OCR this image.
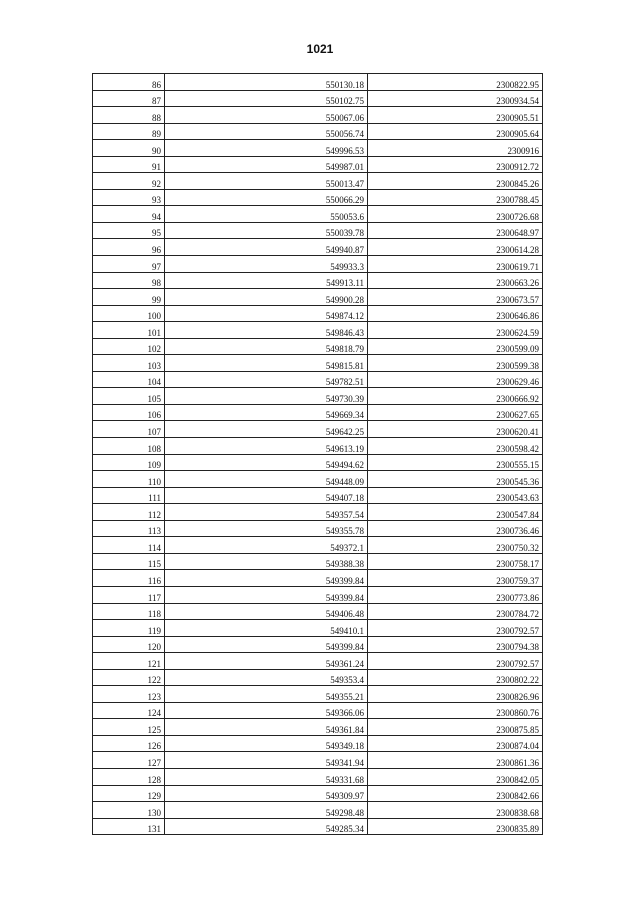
1021
86	550130.18	2300822.95
87	550102.75	2300934.54
88	550067.06	2300905.51
89	550056.74	2300905.64
90	549996.53	2300916
91	549987.01	2300912.72
92	550013.47	2300845.26
93	550066.29	2300788.45
94	550053.6	2300726.68
95	550039.78	2300648.97
96	549940.87	2300614.28
97	549933.3	2300619.71
98	549913.11	2300663.26
99	549900.28	2300673.57
100	549874.12	2300646.86
101	549846.43	2300624.59
102	549818.79	2300599.09
103	549815.81	2300599.38
104	549782.51	2300629.46
105	549730.39	2300666.92
106	549669.34	2300627.65
107	549642.25	2300620.41
108	549613.19	2300598.42
109	549494.62	2300555.15
110	549448.09	2300545.36
111	549407.18	2300543.63
112	549357.54	2300547.84
113	549355.78	2300736.46
114	549372.1	2300750.32
115	549388.38	2300758.17
116	549399.84	2300759.37
117	549399.84	2300773.86
118	549406.48	2300784.72
119	549410.1	2300792.57
120	549399.84	2300794.38
121	549361.24	2300792.57
122	549353.4	2300802.22
123	549355.21	2300826.96
124	549366.06	2300860.76
125	549361.84	2300875.85
126	549349.18	2300874.04
127	549341.94	2300861.36
128	549331.68	2300842.05
129	549309.97	2300842.66
130	549298.48	2300838.68
131	549285.34	2300835.89
